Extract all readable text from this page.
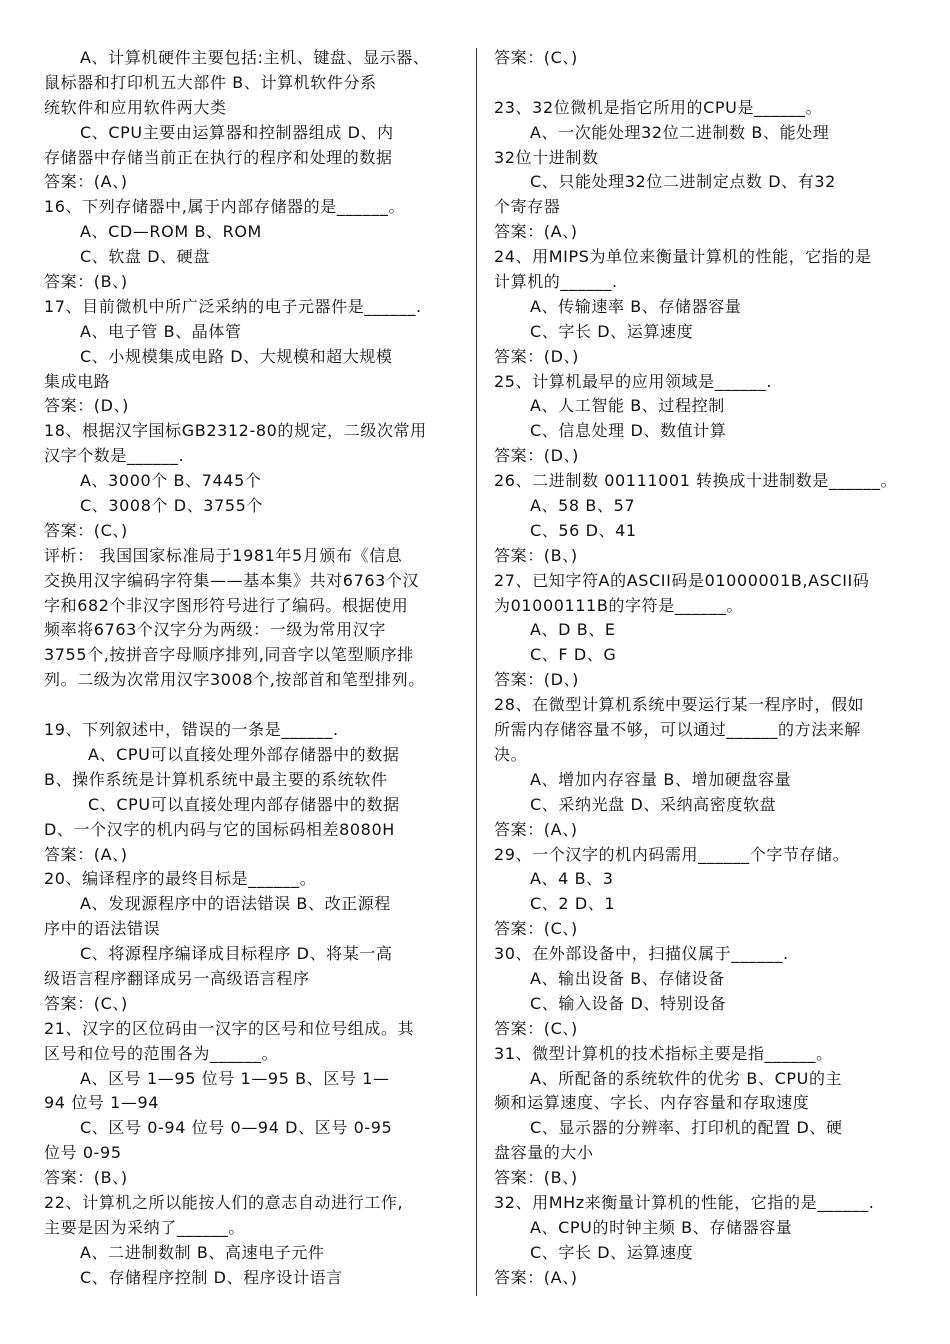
A、计算机硬件主要包括:主机、键盘、显示器、
鼠标器和打印机五大部件 B、计算机软件分系
统软件和应用软件两大类
C、CPU主要由运算器和控制器组成 D、内
存储器中存储当前正在执行的程序和处理的数据
答案：(A、)
16、下列存储器中,属于内部存储器的是______。
A、CD—ROM B、ROM
C、软盘 D、硬盘
答案：(B、)
17、目前微机中所广泛采纳的电子元器件是______.
A、电子管 B、晶体管
C、小规模集成电路 D、大规模和超大规模
集成电路
答案：(D、)
18、根据汉字国标GB2312-80的规定，二级次常用
汉字个数是______.
A、3000个 B、7445个
C、3008个 D、3755个
答案：(C、)
评析： 我国国家标准局于1981年5月颁布《信息
交换用汉字编码字符集——基本集》共对6763个汉
字和682个非汉字图形符号进行了编码。根据使用
频率将6763个汉字分为两级：一级为常用汉字
3755个,按拼音字母顺序排列,同音字以笔型顺序排
列。二级为次常用汉字3008个,按部首和笔型排列。
19、下列叙述中，错误的一条是______.
A、CPU可以直接处理外部存储器中的数据
B、操作系统是计算机系统中最主要的系统软件
C、CPU可以直接处理内部存储器中的数据
D、一个汉字的机内码与它的国标码相差8080H
答案：(A、)
20、编译程序的最终目标是______。
A、发现源程序中的语法错误 B、改正源程
序中的语法错误
C、将源程序编译成目标程序 D、将某一高
级语言程序翻译成另一高级语言程序
答案：(C、)
21、汉字的区位码由一汉字的区号和位号组成。其
区号和位号的范围各为______。
A、区号 1—95 位号 1—95 B、区号 1—
94 位号 1—94
C、区号 0-94 位号 0—94 D、区号 0-95
位号 0-95
答案：(B、)
22、计算机之所以能按人们的意志自动进行工作,
主要是因为采纳了______。
A、二进制数制 B、高速电子元件
C、存储程序控制 D、程序设计语言
答案：(C、)
23、32位微机是指它所用的CPU是______。
A、一次能处理32位二进制数 B、能处理
32位十进制数
C、只能处理32位二进制定点数 D、有32
个寄存器
答案：(A、)
24、用MIPS为单位来衡量计算机的性能，它指的是
计算机的______.
A、传输速率 B、存储器容量
C、字长 D、运算速度
答案：(D、)
25、计算机最早的应用领域是______.
A、人工智能 B、过程控制
C、信息处理 D、数值计算
答案：(D、)
26、二进制数 00111001 转换成十进制数是______。
A、58 B、57
C、56 D、41
答案：(B、)
27、已知字符A的ASCII码是01000001B,ASCII码
为01000111B的字符是______。
A、D B、E
C、F D、G
答案：(D、)
28、在微型计算机系统中要运行某一程序时，假如
所需内存储容量不够，可以通过______的方法来解
决。
A、增加内存容量 B、增加硬盘容量
C、采纳光盘 D、采纳高密度软盘
答案：(A、)
29、一个汉字的机内码需用______个字节存储。
A、4 B、3
C、2 D、1
答案：(C、)
30、在外部设备中，扫描仪属于______.
A、输出设备 B、存储设备
C、输入设备 D、特别设备
答案：(C、)
31、微型计算机的技术指标主要是指______。
A、所配备的系统软件的优劣 B、CPU的主
频和运算速度、字长、内存容量和存取速度
C、显示器的分辨率、打印机的配置 D、硬
盘容量的大小
答案：(B、)
32、用MHz来衡量计算机的性能，它指的是______.
A、CPU的时钟主频 B、存储器容量
C、字长 D、运算速度
答案：(A、)
